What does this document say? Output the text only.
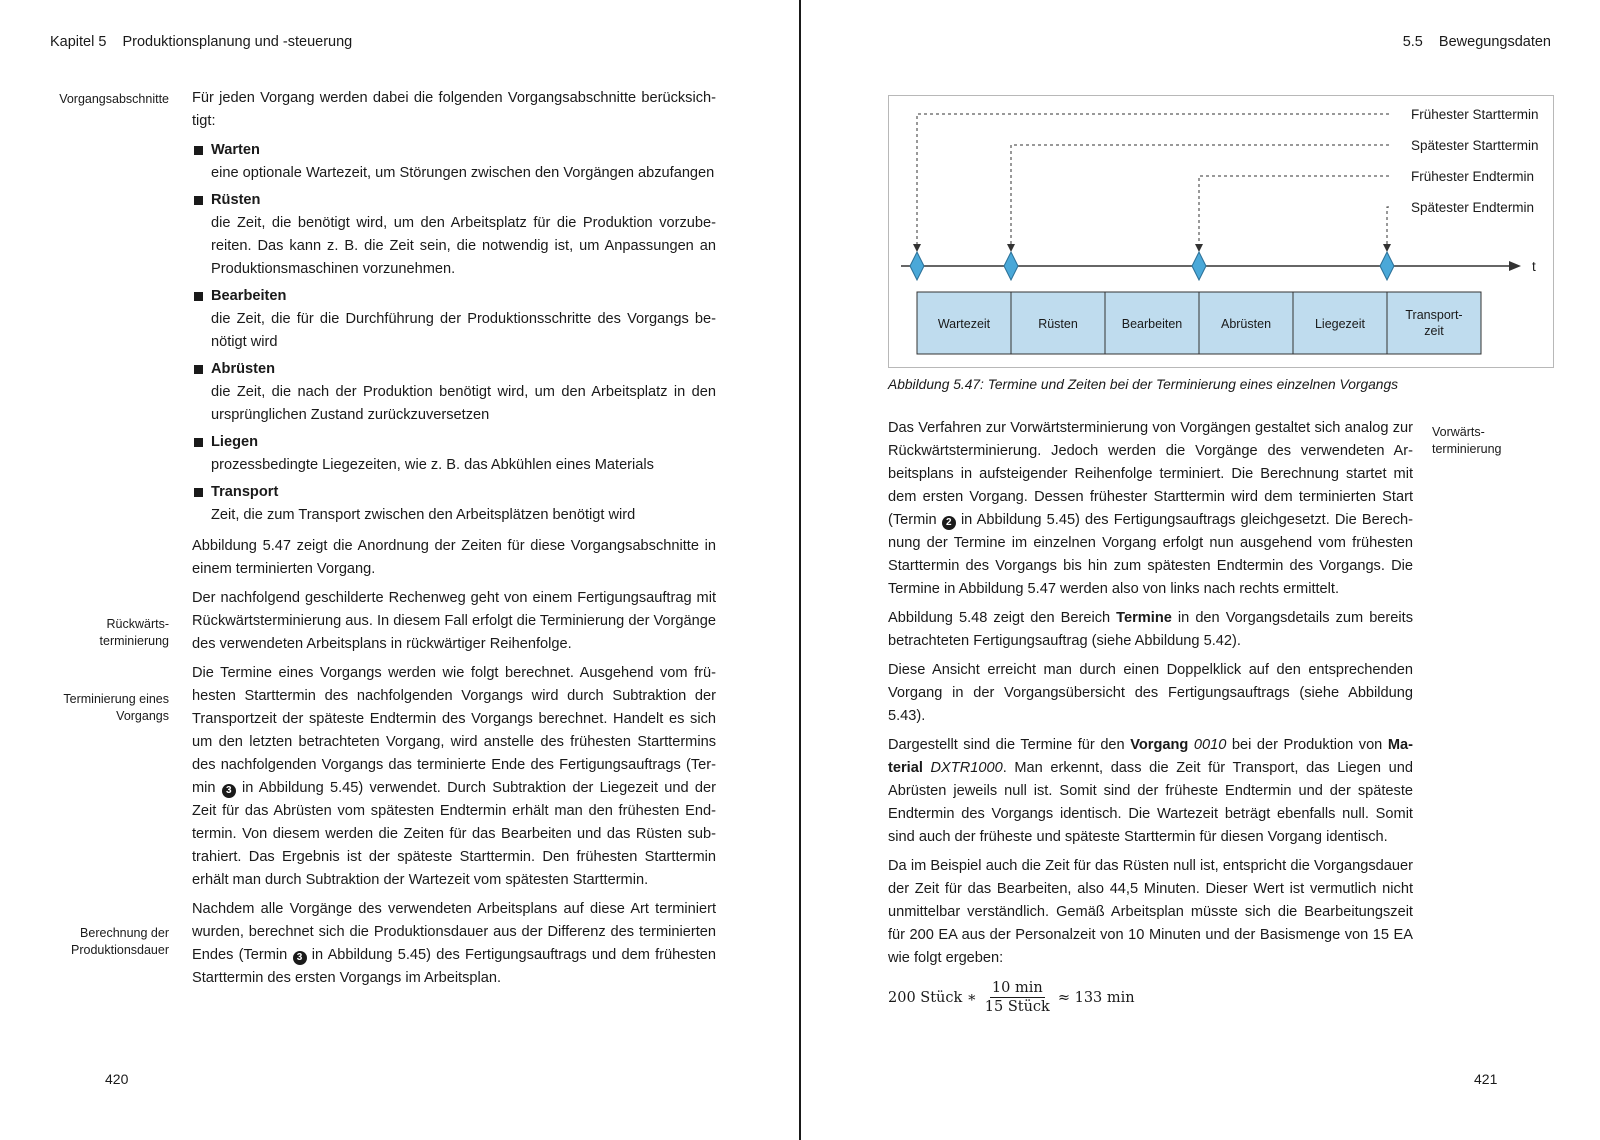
Kapitel 5 Produktionsplanung und -steuerung
Vorgangsabschnitte
Rückwärts-
terminierung
Terminierung eines
Vorgangs
Berechnung der
Produktionsdauer

Für jeden Vorgang werden dabei die folgenden Vorgangsabschnitte berücksichtigt:

Warten
eine optionale Wartezeit, um Störungen zwischen den Vorgängen abzufangen
Rüsten
die Zeit, die benötigt wird, um den Arbeitsplatz für die Produktion vorzubereiten. Das kann z. B. die Zeit sein, die notwendig ist, um Anpassungen an Produktionsmaschinen vorzunehmen.
Bearbeiten
die Zeit, die für die Durchführung der Produktionsschritte des Vorgangs benötigt wird
Abrüsten
die Zeit, die nach der Produktion benötigt wird, um den Arbeitsplatz in den ursprünglichen Zustand zurückzuversetzen
Liegen
prozessbedingte Liegezeiten, wie z. B. das Abkühlen eines Materials
Transport
Zeit, die zum Transport zwischen den Arbeitsplätzen benötigt wird

Abbildung 5.47 zeigt die Anordnung der Zeiten für diese Vorgangsabschnitte in einem terminierten Vorgang.

Der nachfolgend geschilderte Rechenweg geht von einem Fertigungsauftrag mit Rückwärtsterminierung aus. In diesem Fall erfolgt die Terminierung der Vorgänge des verwendeten Arbeitsplans in rückwärtiger Reihenfolge.

Die Termine eines Vorgangs werden wie folgt berechnet. Ausgehend vom frühesten Starttermin des nachfolgenden Vorgangs wird durch Subtraktion der Transportzeit der späteste Endtermin des Vorgangs berechnet. Handelt es sich um den letzten betrachteten Vorgang, wird anstelle des frühesten Starttermins des nachfolgenden Vorgangs das terminierte Ende des Fertigungsauftrags (Termin 3 in Abbildung 5.45) verwendet. Durch Subtraktion der Liegezeit und der Zeit für das Abrüsten vom spätesten Endtermin erhält man den frühesten Endtermin. Von diesem werden die Zeiten für das Bearbeiten und das Rüsten subtrahiert. Das Ergebnis ist der späteste Starttermin. Den frühesten Starttermin erhält man durch Subtraktion der Wartezeit vom spätesten Starttermin.

Nachdem alle Vorgänge des verwendeten Arbeitsplans auf diese Art terminiert wurden, berechnet sich die Produktionsdauer aus der Differenz des terminierten Endes (Termin 3 in Abbildung 5.45) des Fertigungsauftrags und dem frühesten Starttermin des ersten Vorgangs im Arbeitsplan.

420
5.5 Bewegungsdaten
Frühester Starttermin
Spätester Starttermin
Frühester Endtermin
Spätester Endtermin
t
Wartezeit	Rüsten	Bearbeiten	Abrüsten	Liegezeit
Transport-
zeit
Abbildung 5.47: Termine und Zeiten bei der Terminierung eines einzelnen Vorgangs
Vorwärts-
terminierung

Das Verfahren zur Vorwärtsterminierung von Vorgängen gestaltet sich analog zur Rückwärtsterminierung. Jedoch werden die Vorgänge des verwendeten Arbeitsplans in aufsteigender Reihenfolge terminiert. Die Berechnung startet mit dem ersten Vorgang. Dessen frühester Starttermin wird dem terminierten Start (Termin 2 in Abbildung 5.45) des Fertigungsauftrags gleichgesetzt. Die Berechnung der Termine im einzelnen Vorgang erfolgt nun ausgehend vom frühesten Starttermin des Vorgangs bis hin zum spätesten Endtermin des Vorgangs. Die Termine in Abbildung 5.47 werden also von links nach rechts ermittelt.

Abbildung 5.48 zeigt den Bereich Termine in den Vorgangsdetails zum bereits betrachteten Fertigungsauftrag (siehe Abbildung 5.42).

Diese Ansicht erreicht man durch einen Doppelklick auf den entsprechenden Vorgang in der Vorgangsübersicht des Fertigungsauftrags (siehe Abbildung 5.43).

Dargestellt sind die Termine für den Vorgang 0010 bei der Produktion von Material DXTR1000. Man erkennt, dass die Zeit für Transport, das Liegen und Abrüsten jeweils null ist. Somit sind der früheste Endtermin und der späteste Endtermin des Vorgangs identisch. Die Wartezeit beträgt ebenfalls null. Somit sind auch der früheste und späteste Starttermin für diesen Vorgang identisch.

Da im Beispiel auch die Zeit für das Rüsten null ist, entspricht die Vorgangsdauer der Zeit für das Bearbeiten, also 44,5 Minuten. Dieser Wert ist vermutlich nicht unmittelbar verständlich. Gemäß Arbeitsplan müsste sich die Bearbeitungszeit für 200 EA aus der Personalzeit von 10 Minuten und der Basismenge von 15 EA wie folgt ergeben:

200 Stück ∗ $\frac{10 \min}{\text{15 Stück}} \approx 133$ min
421
